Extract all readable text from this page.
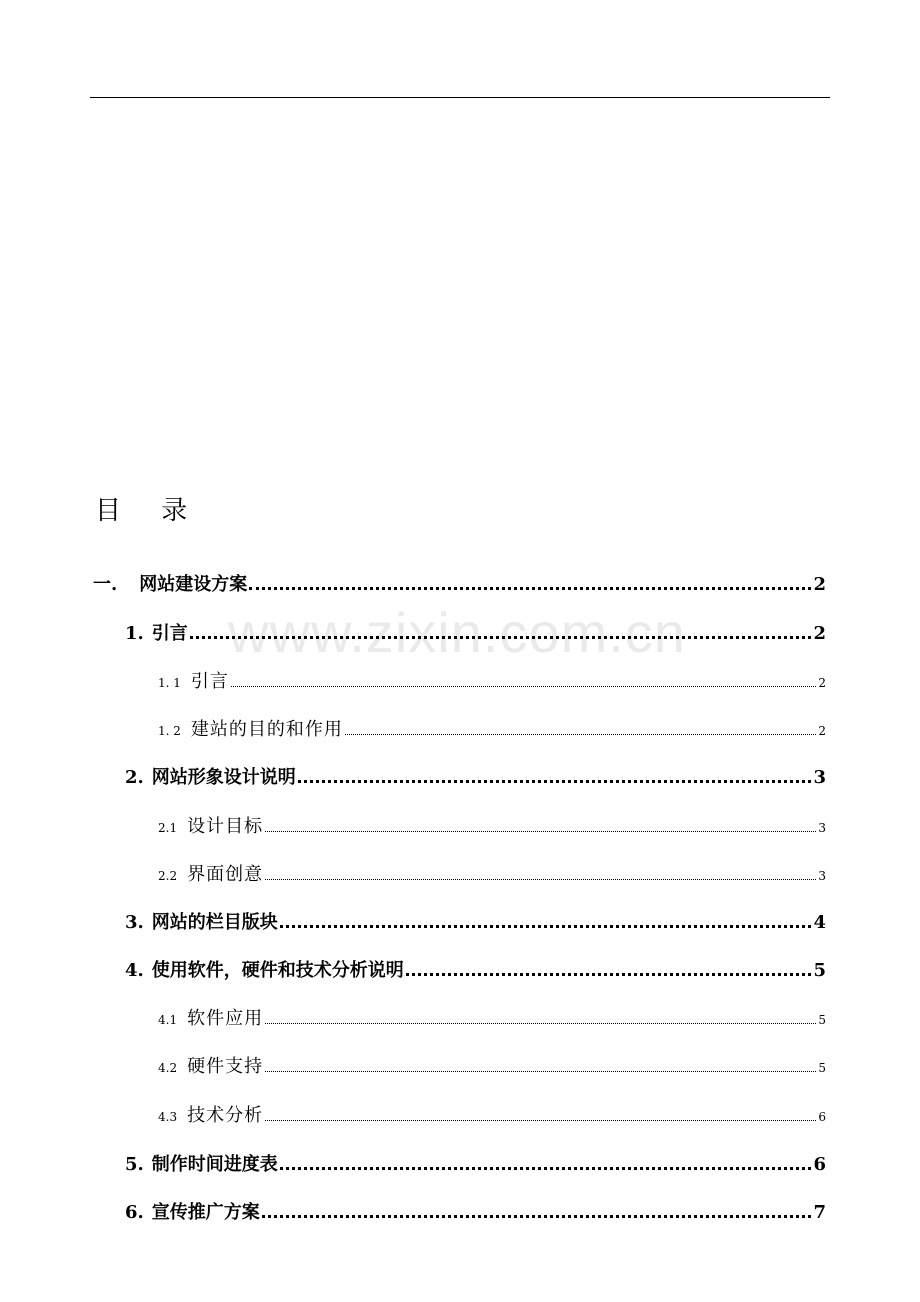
www.zixin.com.cn
目 录
一. 网站建设方案	2
1. 引言	2
1. 1 引言	2
1. 2 建站的目的和作用	2
2. 网站形象设计说明	3
2.1 设计目标	3
2.2 界面创意	3
3. 网站的栏目版块	4
4. 使用软件，硬件和技术分析说明	5
4.1 软件应用	5
4.2 硬件支持	5
4.3 技术分析	6
5. 制作时间进度表	6
6. 宣传推广方案	7
